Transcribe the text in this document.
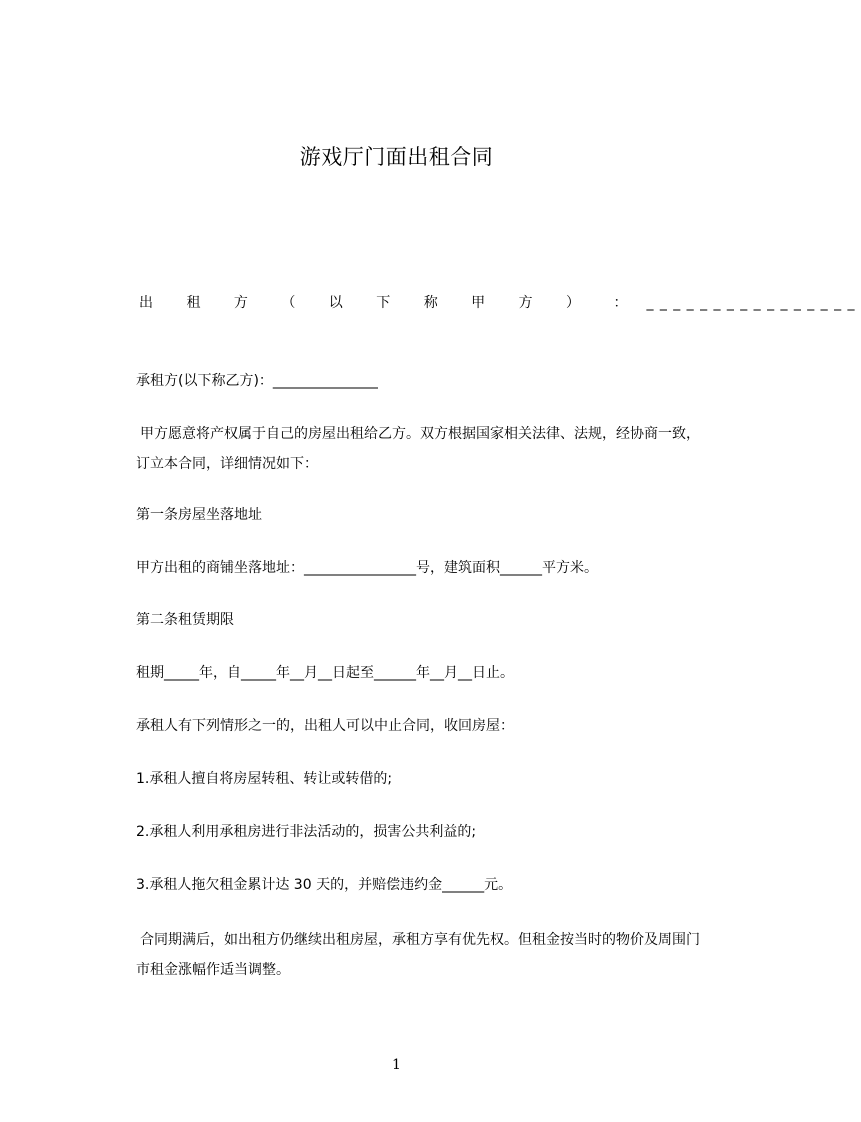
游戏厅门面出租合同
出 租 方 （ 以 下 称 甲 方 ） ： ________________
承租方(以下称乙方)：_______________
甲方愿意将产权属于自己的房屋出租给乙方。双方根据国家相关法律、法规，经协商一致，订立本合同，详细情况如下：
第一条房屋坐落地址
甲方出租的商铺坐落地址：________________号，建筑面积______平方米。
第二条租赁期限
租期_____年，自_____年__月__日起至______年__月__日止。
承租人有下列情形之一的，出租人可以中止合同，收回房屋：
1.承租人擅自将房屋转租、转让或转借的;
2.承租人利用承租房进行非法活动的，损害公共利益的;
3.承租人拖欠租金累计达 30 天的，并赔偿违约金______元。
合同期满后，如出租方仍继续出租房屋，承租方享有优先权。但租金按当时的物价及周围门市租金涨幅作适当调整。
1
